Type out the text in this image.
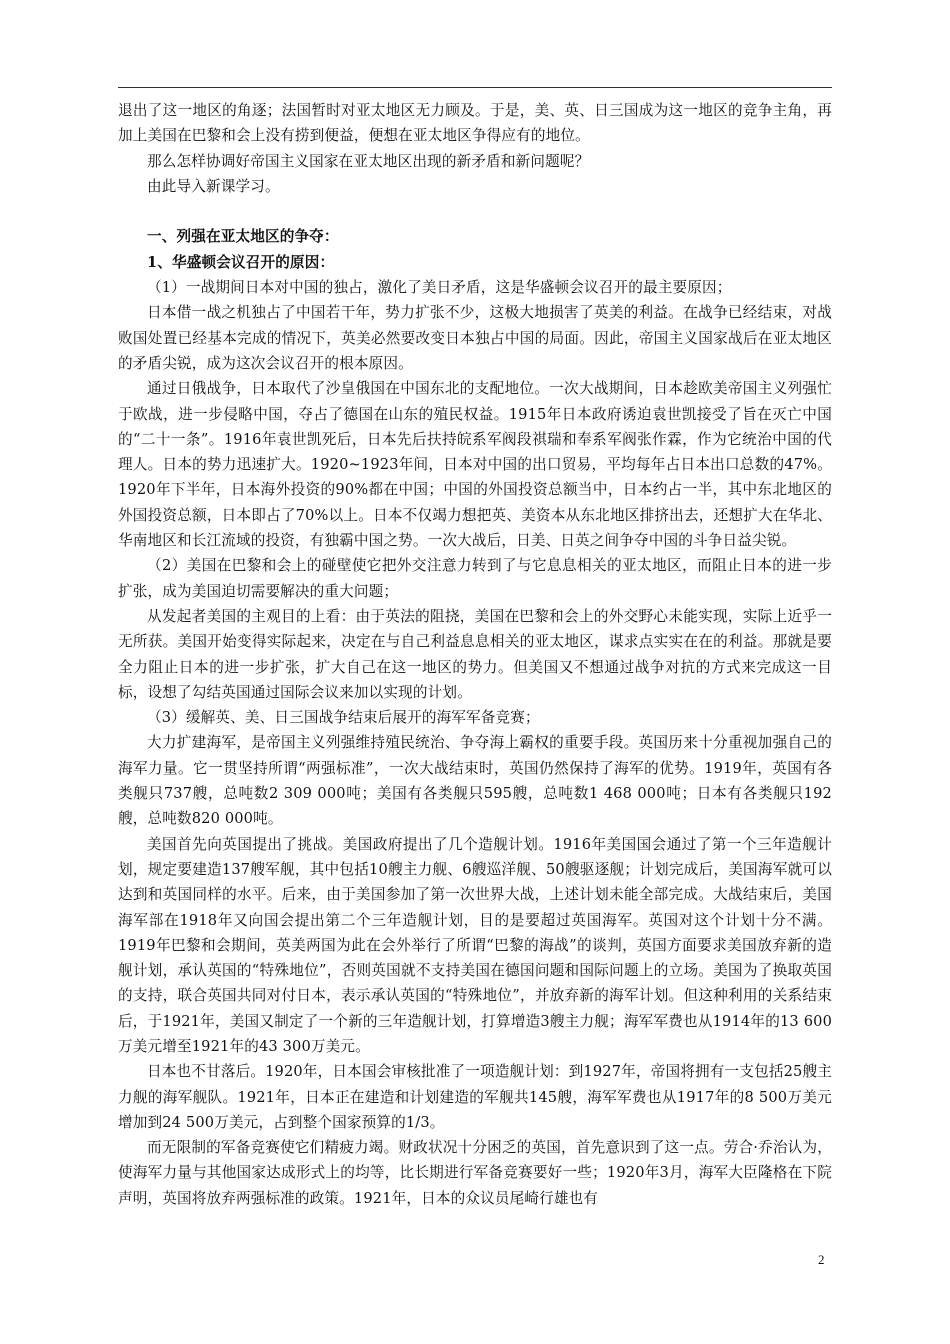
退出了这一地区的角逐；法国暂时对亚太地区无力顾及。于是，美、英、日三国成为这一地区的竞争主角，再加上美国在巴黎和会上没有捞到便益，便想在亚太地区争得应有的地位。

那么怎样协调好帝国主义国家在亚太地区出现的新矛盾和新问题呢？

由此导入新课学习。

一、列强在亚太地区的争夺：

1、华盛顿会议召开的原因：

（1）一战期间日本对中国的独占，激化了美日矛盾，这是华盛顿会议召开的最主要原因；

日本借一战之机独占了中国若干年，势力扩张不少，这极大地损害了英美的利益。在战争已经结束，对战败国处置已经基本完成的情况下，英美必然要改变日本独占中国的局面。因此，帝国主义国家战后在亚太地区的矛盾尖锐，成为这次会议召开的根本原因。

通过日俄战争，日本取代了沙皇俄国在中国东北的支配地位。一次大战期间，日本趁欧美帝国主义列强忙于欧战，进一步侵略中国，夺占了德国在山东的殖民权益。1915年日本政府诱迫袁世凯接受了旨在灭亡中国的“二十一条”。1916年袁世凯死后，日本先后扶持皖系军阀段祺瑞和奉系军阀张作霖，作为它统治中国的代理人。日本的势力迅速扩大。1920~1923年间，日本对中国的出口贸易，平均每年占日本出口总数的47%。1920年下半年，日本海外投资的90%都在中国；中国的外国投资总额当中，日本约占一半，其中东北地区的外国投资总额，日本即占了70%以上。日本不仅竭力想把英、美资本从东北地区排挤出去，还想扩大在华北、华南地区和长江流域的投资，有独霸中国之势。一次大战后，日美、日英之间争夺中国的斗争日益尖锐。

（2）美国在巴黎和会上的碰壁使它把外交注意力转到了与它息息相关的亚太地区，而阻止日本的进一步扩张，成为美国迫切需要解决的重大问题；

从发起者美国的主观目的上看：由于英法的阻挠，美国在巴黎和会上的外交野心未能实现，实际上近乎一无所获。美国开始变得实际起来，决定在与自己利益息息相关的亚太地区，谋求点实实在在的利益。那就是要全力阻止日本的进一步扩张，扩大自己在这一地区的势力。但美国又不想通过战争对抗的方式来完成这一目标，设想了勾结英国通过国际会议来加以实现的计划。

（3）缓解英、美、日三国战争结束后展开的海军军备竞赛；

大力扩建海军，是帝国主义列强维持殖民统治、争夺海上霸权的重要手段。英国历来十分重视加强自己的海军力量。它一贯坚持所谓“两强标准”，一次大战结束时，英国仍然保持了海军的优势。1919年，英国有各类舰只737艘，总吨数2 309 000吨；美国有各类舰只595艘，总吨数1 468 000吨；日本有各类舰只192艘，总吨数820 000吨。

美国首先向英国提出了挑战。美国政府提出了几个造舰计划。1916年美国国会通过了第一个三年造舰计划，规定要建造137艘军舰，其中包括10艘主力舰、6艘巡洋舰、50艘驱逐舰；计划完成后，美国海军就可以达到和英国同样的水平。后来，由于美国参加了第一次世界大战，上述计划未能全部完成。大战结束后，美国海军部在1918年又向国会提出第二个三年造舰计划，目的是要超过英国海军。英国对这个计划十分不满。1919年巴黎和会期间，英美两国为此在会外举行了所谓“巴黎的海战”的谈判，英国方面要求美国放弃新的造舰计划，承认英国的“特殊地位”，否则英国就不支持美国在德国问题和国际问题上的立场。美国为了换取英国的支持，联合英国共同对付日本，表示承认英国的“特殊地位”，并放弃新的海军计划。但这种利用的关系结束后，于1921年，美国又制定了一个新的三年造舰计划，打算增造3艘主力舰；海军军费也从1914年的13 600万美元增至1921年的43 300万美元。

日本也不甘落后。1920年，日本国会审核批准了一项造舰计划：到1927年，帝国将拥有一支包括25艘主力舰的海军舰队。1921年，日本正在建造和计划建造的军舰共145艘，海军军费也从1917年的8 500万美元增加到24 500万美元，占到整个国家预算的1/3。

而无限制的军备竞赛使它们精疲力竭。财政状况十分困乏的英国，首先意识到了这一点。劳合·乔治认为，使海军力量与其他国家达成形式上的均等，比长期进行军备竞赛要好一些；1920年3月，海军大臣隆格在下院声明，英国将放弃两强标准的政策。1921年，日本的众议员尾崎行雄也有

2
